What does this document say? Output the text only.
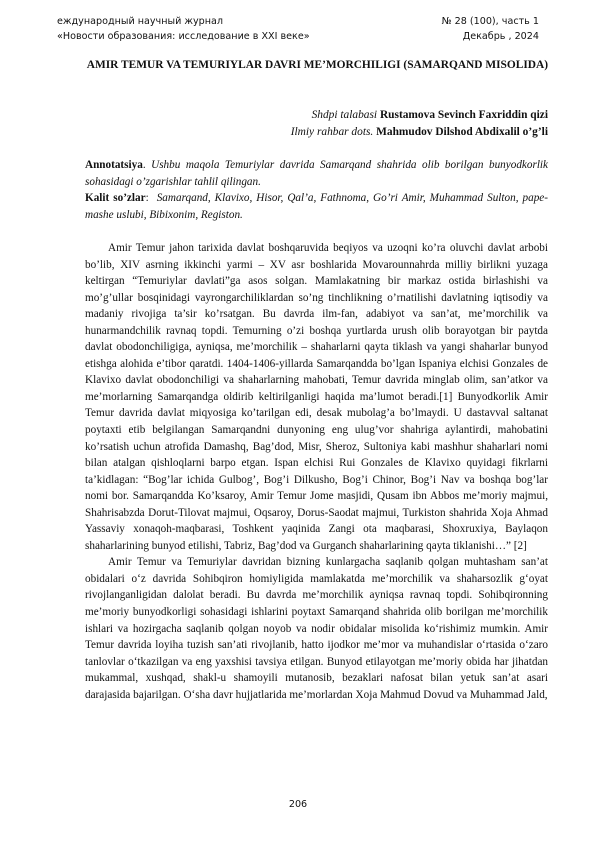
еждународный научный журнал	№ 28 (100), часть 1
«Новости образования: исследование в XXI веке»	Декабрь , 2024
AMIR TEMUR VA TEMURIYLAR DAVRI ME’MORCHILIGI (SAMARQAND MISOLIDA)
Shdpi talabasi Rustamova Sevinch Faxriddin qizi
Ilmiy rahbar dots. Mahmudov Dilshod Abdixalil o’g’li

Annotatsiya. Ushbu maqola Temuriylar davrida Samarqand shahrida olib borilgan bunyodkorlik sohasidagi o’zgarishlar tahlil qilingan.

Kalit so’zlar:  Samarqand, Klavixo, Hisor, Qal’a, Fathnoma, Go’ri Amir, Muhammad Sulton, pape-mashe uslubi, Bibixonim, Registon.

Amir Temur jahon tarixida davlat boshqaruvida beqiyos va uzoqni ko’ra oluvchi davlat arbobi bo’lib, XIV asrning ikkinchi yarmi – XV asr boshlarida Movarounnahrda milliy birlikni yuzaga keltirgan “Temuriylar davlati”ga asos solgan. Mamlakatning bir markaz ostida birlashishi va mo’g’ullar bosqinidagi vayrongarchiliklardan so’ng tinchlikning o’rnatilishi davlatning iqtisodiy va madaniy rivojiga ta’sir ko’rsatgan. Bu davrda ilm-fan, adabiyot va san’at, me’morchilik va hunarmandchilik ravnaq topdi. Temurning o’zi boshqa yurtlarda urush olib borayotgan bir paytda davlat obodonchiligiga, ayniqsa, me’morchilik – shaharlarni qayta tiklash va yangi shaharlar bunyod etishga alohida e’tibor qaratdi. 1404-1406-yillarda Samarqandda bo’lgan Ispaniya elchisi Gonzales de Klavixo davlat obodonchiligi va shaharlarning mahobati, Temur davrida minglab olim, san’atkor va me’morlarning Samarqandga oldirib keltirilganligi haqida ma’lumot beradi.[1] Bunyodkorlik Amir Temur davrida davlat miqyosiga ko’tarilgan edi, desak mubolag’a bo’lmaydi. U dastavval saltanat poytaxti etib belgilangan Samarqandni dunyoning eng ulug’vor shahriga aylantirdi, mahobatini ko’rsatish uchun atrofida Damashq, Bag’dod, Misr, Sheroz, Sultoniya kabi mashhur shaharlari nomi bilan atalgan qishloqlarni barpo etgan. Ispan elchisi Rui Gonzales de Klavixo quyidagi fikrlarni ta’kidlagan: “Bog’lar ichida Gulbog’, Bog’i Dilkusho, Bog’i Chinor, Bog’i Nav va boshqa bog’lar nomi bor. Samarqandda Ko’ksaroy, Amir Temur Jome masjidi, Qusam ibn Abbos me’moriy majmui, Shahrisabzda Dorut-Tilovat majmui, Oqsaroy, Dorus-Saodat majmui, Turkiston shahrida Xoja Ahmad Yassaviy xonaqoh-maqbarasi, Toshkent yaqinida Zangi ota maqbarasi, Shoxruxiya, Baylaqon shaharlarining bunyod etilishi, Tabriz, Bag’dod va Gurganch shaharlarining qayta tiklanishi…” [2]

Amir Temur va Temuriylar davridan bizning kunlargacha saqlanib qolgan muhtasham san’at obidalari o‘z davrida Sohibqiron homiyligida mamlakatda me’morchilik va shaharsozlik g‘oyat rivojlanganligidan dalolat beradi. Bu davrda me’morchilik ayniqsa ravnaq topdi. Sohibqironning me’moriy bunyodkorligi sohasidagi ishlarini poytaxt Samarqand shahrida olib borilgan me’morchilik ishlari va hozirgacha saqlanib qolgan noyob va nodir obidalar misolida ko‘rishimiz mumkin. Amir Temur davrida loyiha tuzish san’ati rivojlanib, hatto ijodkor me’mor va muhandislar o‘rtasida o‘zaro tanlovlar o‘tkazilgan va eng yaxshisi tavsiya etilgan. Bunyod etilayotgan me’moriy obida har jihatdan mukammal, xushqad, shakl-u shamoyili mutanosib, bezaklari nafosat bilan yetuk san’at asari darajasida bajarilgan. O‘sha davr hujjatlarida me’morlardan Xoja Mahmud Dovud va Muhammad Jald,

206
